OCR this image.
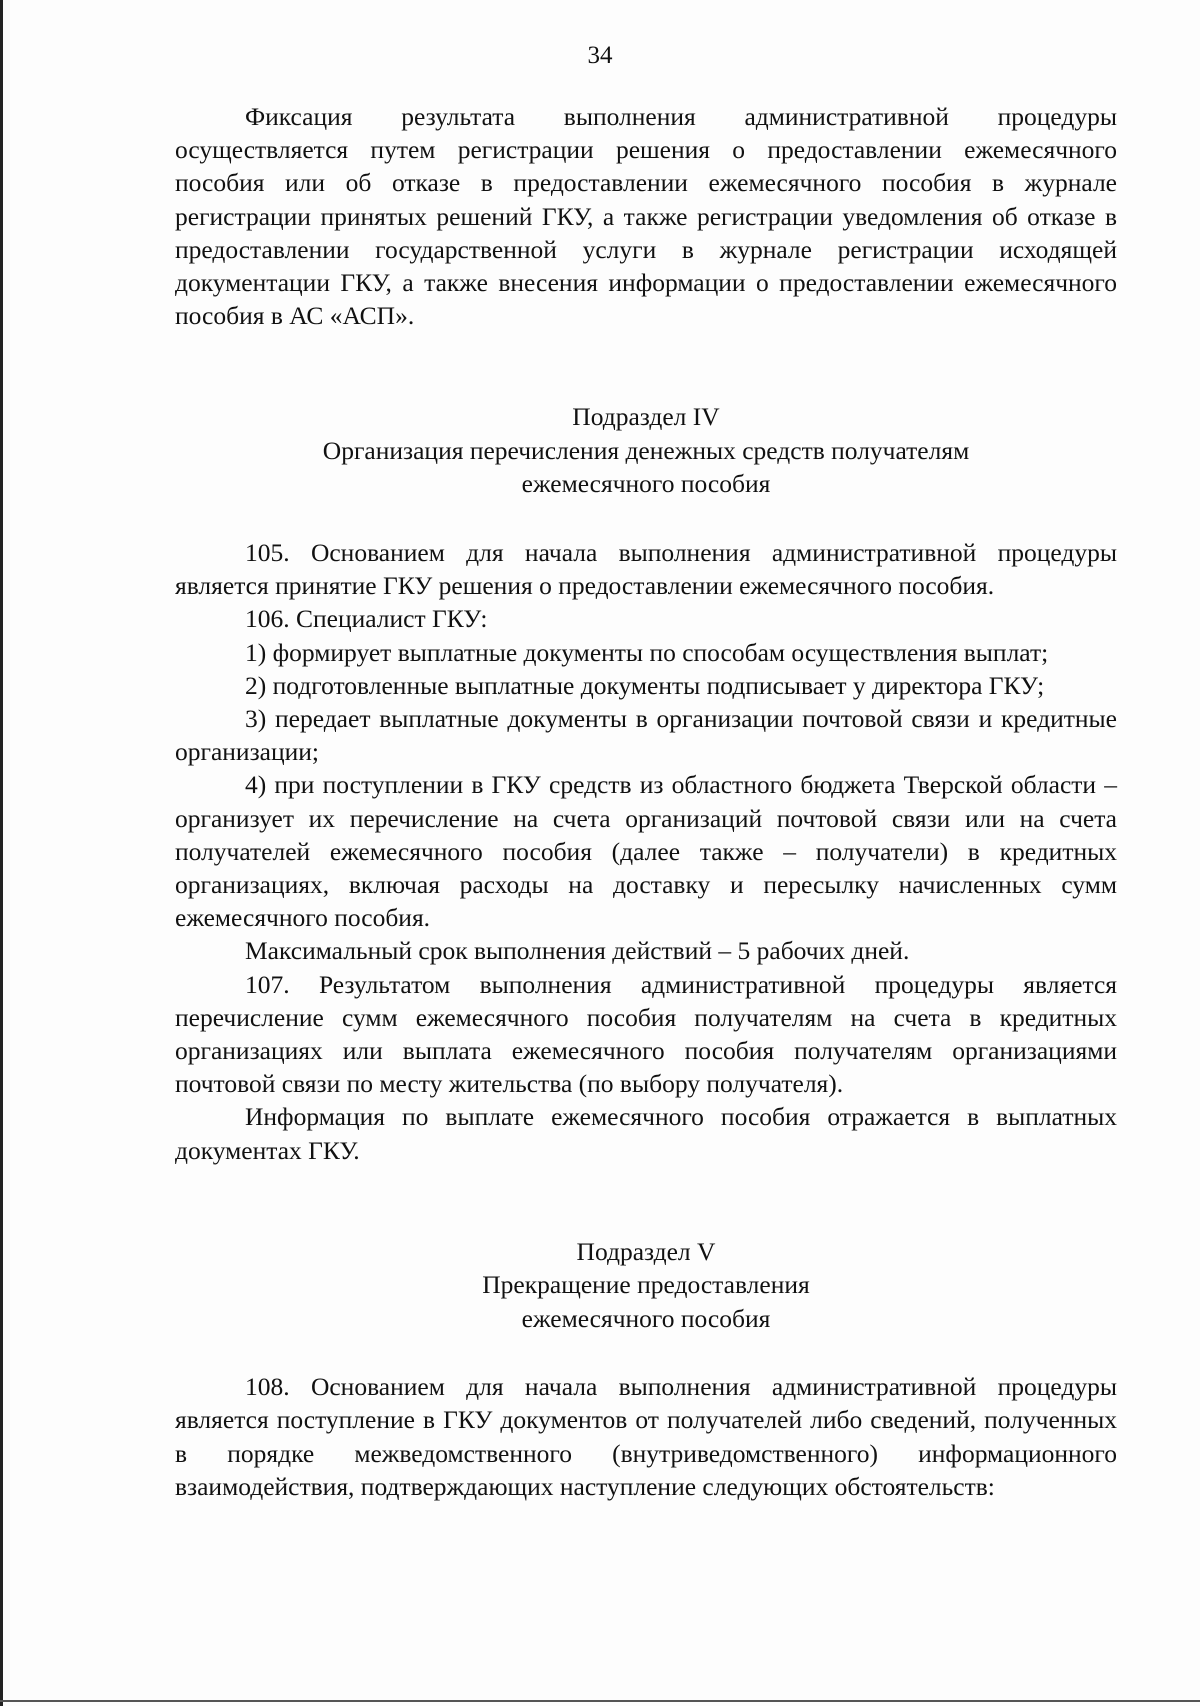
34

Фиксация результата выполнения административной процедуры осуществляется путем регистрации решения о предоставлении ежемесячного пособия или об отказе в предоставлении ежемесячного пособия в журнале регистрации принятых решений ГКУ, а также регистрации уведомления об отказе в предоставлении государственной услуги в журнале регистрации исходящей документации ГКУ, а также внесения информации о предоставлении ежемесячного пособия в АС «АСП».

Подраздел IV
Организация перечисления денежных средств получателям
ежемесячного пособия

105. Основанием для начала выполнения административной процедуры является принятие ГКУ решения о предоставлении ежемесячного пособия.

106. Специалист ГКУ:

1) формирует выплатные документы по способам осуществления выплат;

2) подготовленные выплатные документы подписывает у директора ГКУ;

3) передает выплатные документы в организации почтовой связи и кредитные организации;

4) при поступлении в ГКУ средств из областного бюджета Тверской области – организует их перечисление на счета организаций почтовой связи или на счета получателей ежемесячного пособия (далее также – получатели) в кредитных организациях, включая расходы на доставку и пересылку начисленных сумм ежемесячного пособия.

Максимальный срок выполнения действий – 5 рабочих дней.

107. Результатом выполнения административной процедуры является перечисление сумм ежемесячного пособия получателям на счета в кредитных организациях или выплата ежемесячного пособия получателям организациями почтовой связи по месту жительства (по выбору получателя).

Информация по выплате ежемесячного пособия отражается в выплатных документах ГКУ.

Подраздел V
Прекращение предоставления
ежемесячного пособия

108. Основанием для начала выполнения административной процедуры является поступление в ГКУ документов от получателей либо сведений, полученных в порядке межведомственного (внутриведомственного) информационного взаимодействия, подтверждающих наступление следующих обстоятельств:
